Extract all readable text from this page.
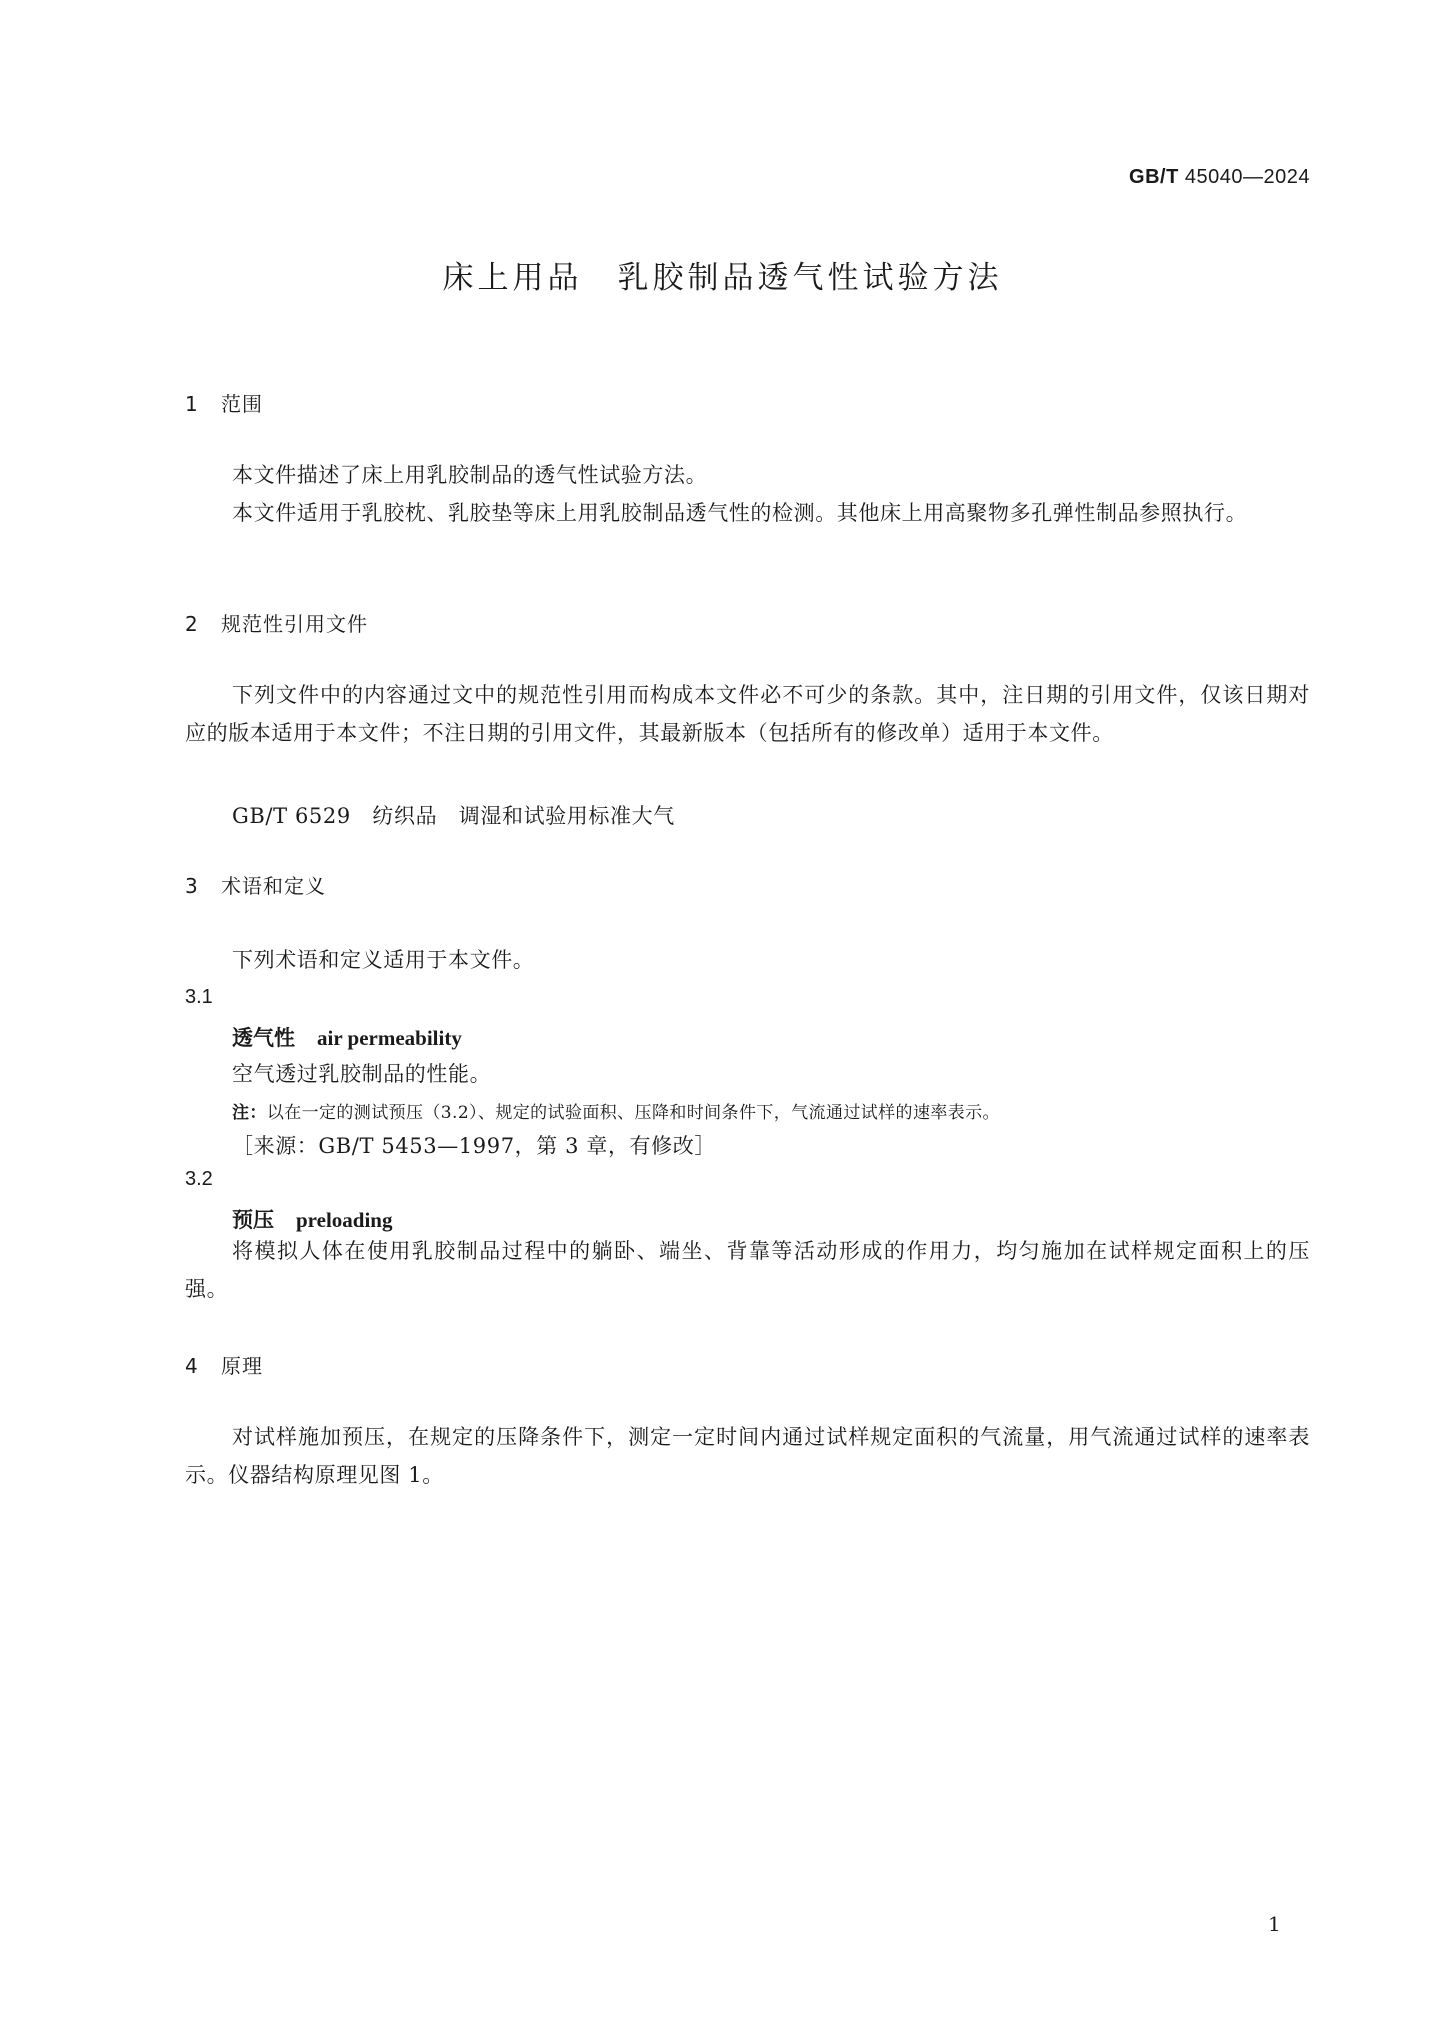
GB/T 45040—2024
床上用品　乳胶制品透气性试验方法
1 范围
本文件描述了床上用乳胶制品的透气性试验方法。
本文件适用于乳胶枕、乳胶垫等床上用乳胶制品透气性的检测。其他床上用高聚物多孔弹性制品参照执行。
2 规范性引用文件
下列文件中的内容通过文中的规范性引用而构成本文件必不可少的条款。其中，注日期的引用文件，仅该日期对应的版本适用于本文件；不注日期的引用文件，其最新版本（包括所有的修改单）适用于本文件。
GB/T 6529　纺织品　调湿和试验用标准大气
3 术语和定义
下列术语和定义适用于本文件。
3.1
透气性 air permeability
空气透过乳胶制品的性能。
注：以在一定的测试预压（3.2）、规定的试验面积、压降和时间条件下，气流通过试样的速率表示。
［来源：GB/T 5453—1997，第 3 章，有修改］
3.2
预压 preloading
将模拟人体在使用乳胶制品过程中的躺卧、端坐、背靠等活动形成的作用力，均匀施加在试样规定面积上的压强。
4 原理
对试样施加预压，在规定的压降条件下，测定一定时间内通过试样规定面积的气流量，用气流通过试样的速率表示。仪器结构原理见图 1。
1
